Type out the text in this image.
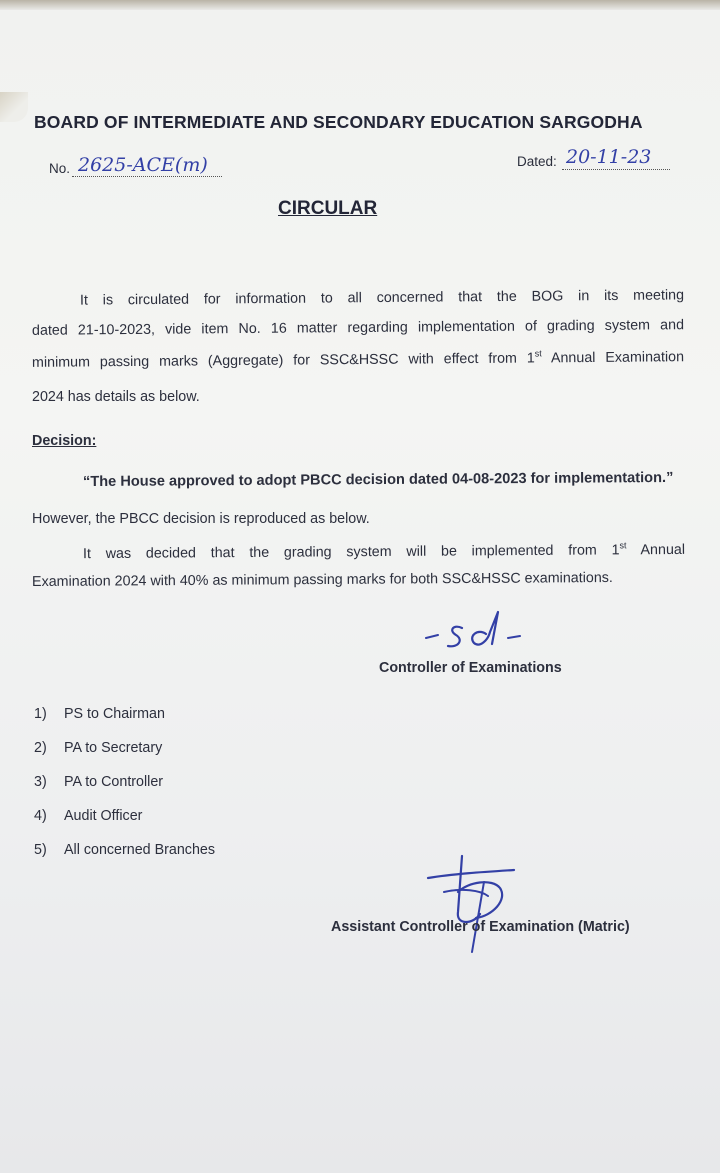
BOARD OF INTERMEDIATE AND SECONDARY EDUCATION SARGODHA
No. 2625-ACE(m)	Dated: 20-11-23
CIRCULAR
It is circulated for information to all concerned that the BOG in its meeting
dated 21-10-2023, vide item No. 16 matter regarding implementation of grading system and
minimum passing marks (Aggregate) for SSC&HSSC with effect from 1st Annual Examination
2024 has details as below.
Decision:
“The House approved to adopt PBCC decision dated 04-08-2023 for implementation.”
However, the PBCC decision is reproduced as below.
It was decided that the grading system will be implemented from 1st Annual
Examination 2024 with 40% as minimum passing marks for both SSC&HSSC examinations.
Controller of Examinations
1) PS to Chairman
2) PA to Secretary
3) PA to Controller
4) Audit Officer
5) All concerned Branches
Assistant Controller of Examination (Matric)
